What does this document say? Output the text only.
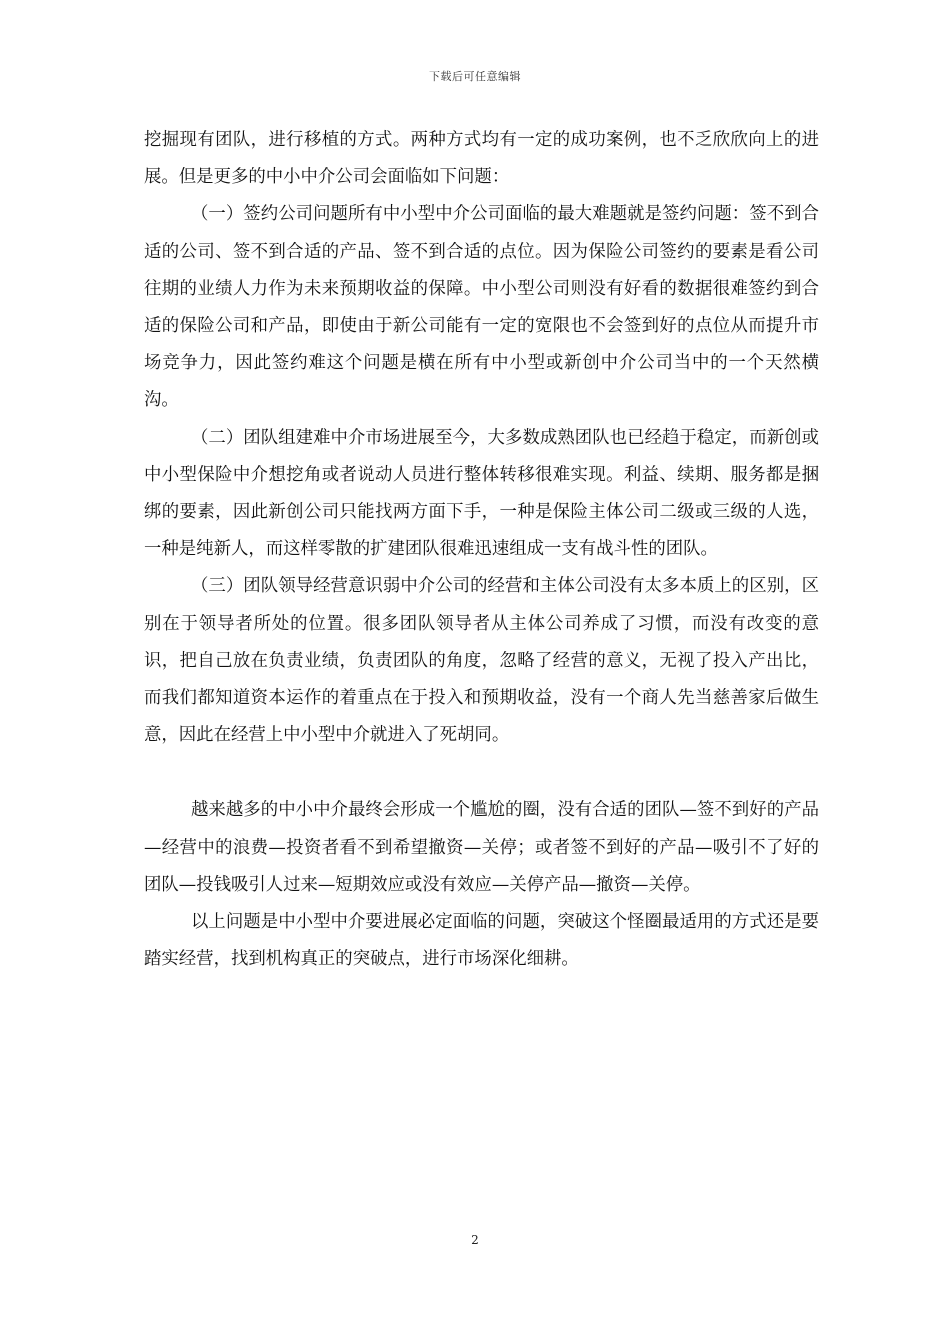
下载后可任意编辑

挖掘现有团队，进行移植的方式。两种方式均有一定的成功案例，也不乏欣欣向上的进展。但是更多的中小中介公司会面临如下问题：

（一）签约公司问题所有中小型中介公司面临的最大难题就是签约问题：签不到合适的公司、签不到合适的产品、签不到合适的点位。因为保险公司签约的要素是看公司往期的业绩人力作为未来预期收益的保障。中小型公司则没有好看的数据很难签约到合适的保险公司和产品，即使由于新公司能有一定的宽限也不会签到好的点位从而提升市场竞争力，因此签约难这个问题是横在所有中小型或新创中介公司当中的一个天然横沟。

（二）团队组建难中介市场进展至今，大多数成熟团队也已经趋于稳定，而新创或中小型保险中介想挖角或者说动人员进行整体转移很难实现。利益、续期、服务都是捆绑的要素，因此新创公司只能找两方面下手，一种是保险主体公司二级或三级的人选，一种是纯新人，而这样零散的扩建团队很难迅速组成一支有战斗性的团队。

（三）团队领导经营意识弱中介公司的经营和主体公司没有太多本质上的区别，区别在于领导者所处的位置。很多团队领导者从主体公司养成了习惯，而没有改变的意识，把自己放在负责业绩，负责团队的角度，忽略了经营的意义，无视了投入产出比，而我们都知道资本运作的着重点在于投入和预期收益，没有一个商人先当慈善家后做生意，因此在经营上中小型中介就进入了死胡同。

越来越多的中小中介最终会形成一个尴尬的圈，没有合适的团队—签不到好的产品—经营中的浪费—投资者看不到希望撤资—关停；或者签不到好的产品—吸引不了好的团队—投钱吸引人过来—短期效应或没有效应—关停产品—撤资—关停。

以上问题是中小型中介要进展必定面临的问题，突破这个怪圈最适用的方式还是要踏实经营，找到机构真正的突破点，进行市场深化细耕。

2
